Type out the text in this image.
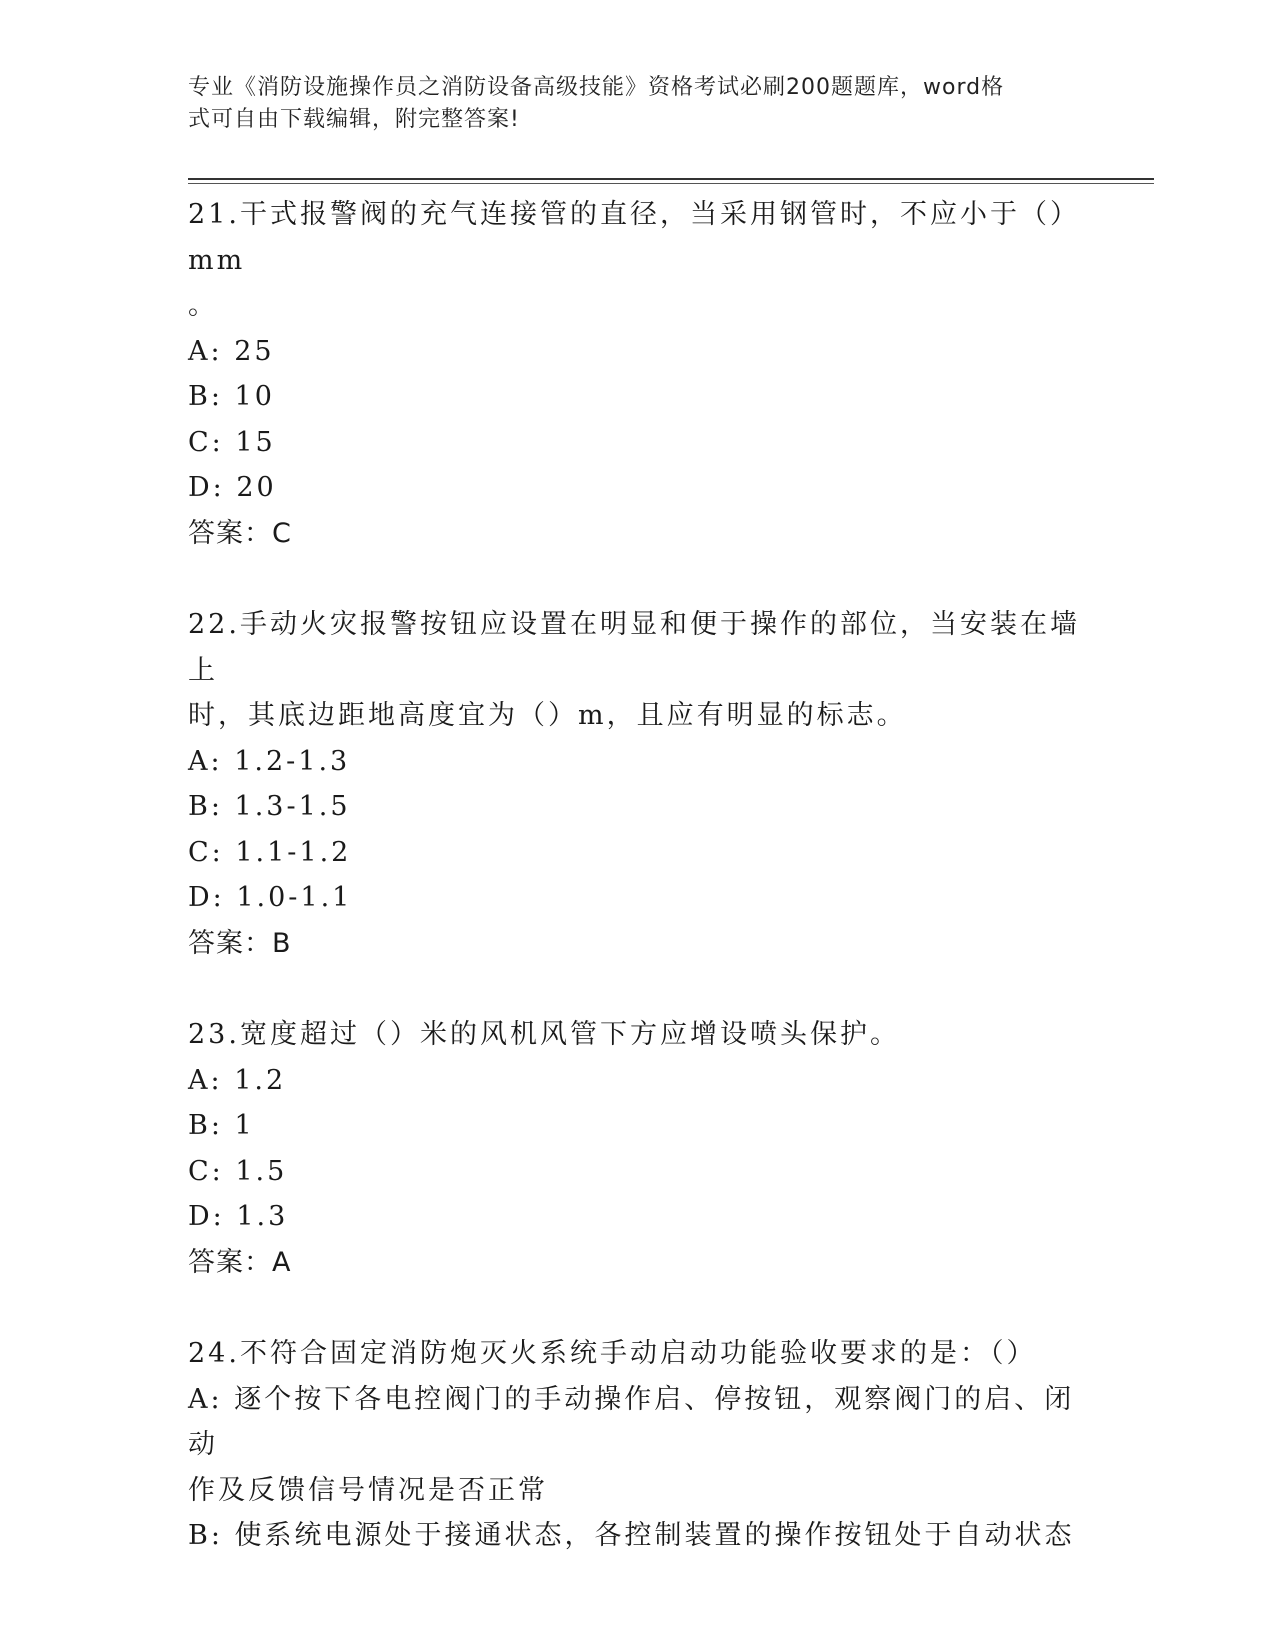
专业《消防设施操作员之消防设备高级技能》资格考试必刷200题题库，word格
式可自由下载编辑，附完整答案!

21.干式报警阀的充气连接管的直径，当采用钢管时，不应小于（）mm

。

A: 25

B: 10

C: 15

D: 20

答案：C

22.手动火灾报警按钮应设置在明显和便于操作的部位，当安装在墙上

时，其底边距地高度宜为（）m，且应有明显的标志。

A: 1.2-1.3

B: 1.3-1.5

C: 1.1-1.2

D: 1.0-1.1

答案：B

23.宽度超过（）米的风机风管下方应增设喷头保护。

A: 1.2

B: 1

C: 1.5

D: 1.3

答案：A

24.不符合固定消防炮灭火系统手动启动功能验收要求的是：（）

A: 逐个按下各电控阀门的手动操作启、停按钮，观察阀门的启、闭动

作及反馈信号情况是否正常

B: 使系统电源处于接通状态，各控制装置的操作按钮处于自动状态
